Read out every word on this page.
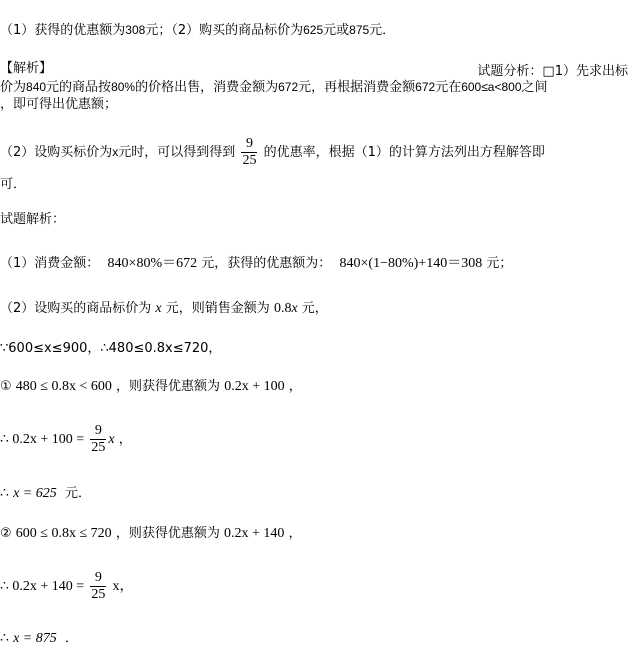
（1）获得的优惠额为308元；（2）购买的商品标价为625元或875元．
【解析】	试题分析：□1）先求出标
价为840元的商品按80%的价格出售，消费金额为672元，再根据消费金额672元在600≤a<800之间
，即可得出优惠额；
（2）设购买标价为x元时，可以得到得到 $\frac{9}{25}$ 的优惠率，根据（1）的计算方法列出方程解答即
可．
试题解析：
（1）消费金额： 840×80%＝672 元，获得的优惠额为： 840×(1−80%)+140＝308 元；
（2）设购买的商品标价为 x 元，则销售金额为 0.8x 元，
∵600≤x≤900，∴480≤0.8x≤720，
① 480 ≤ 0.8x < 600 ，则获得优惠额为 0.2x + 100 ，
∴ $0.2x + 100 = \frac{9}{25}$ x ，
∴ x = 625 元．
② 600 ≤ 0.8x ≤ 720 ，则获得优惠额为 0.2x + 140 ，
∴ $0.2x + 140 = \frac{9}{25}$ x，
∴ x = 875 ．
